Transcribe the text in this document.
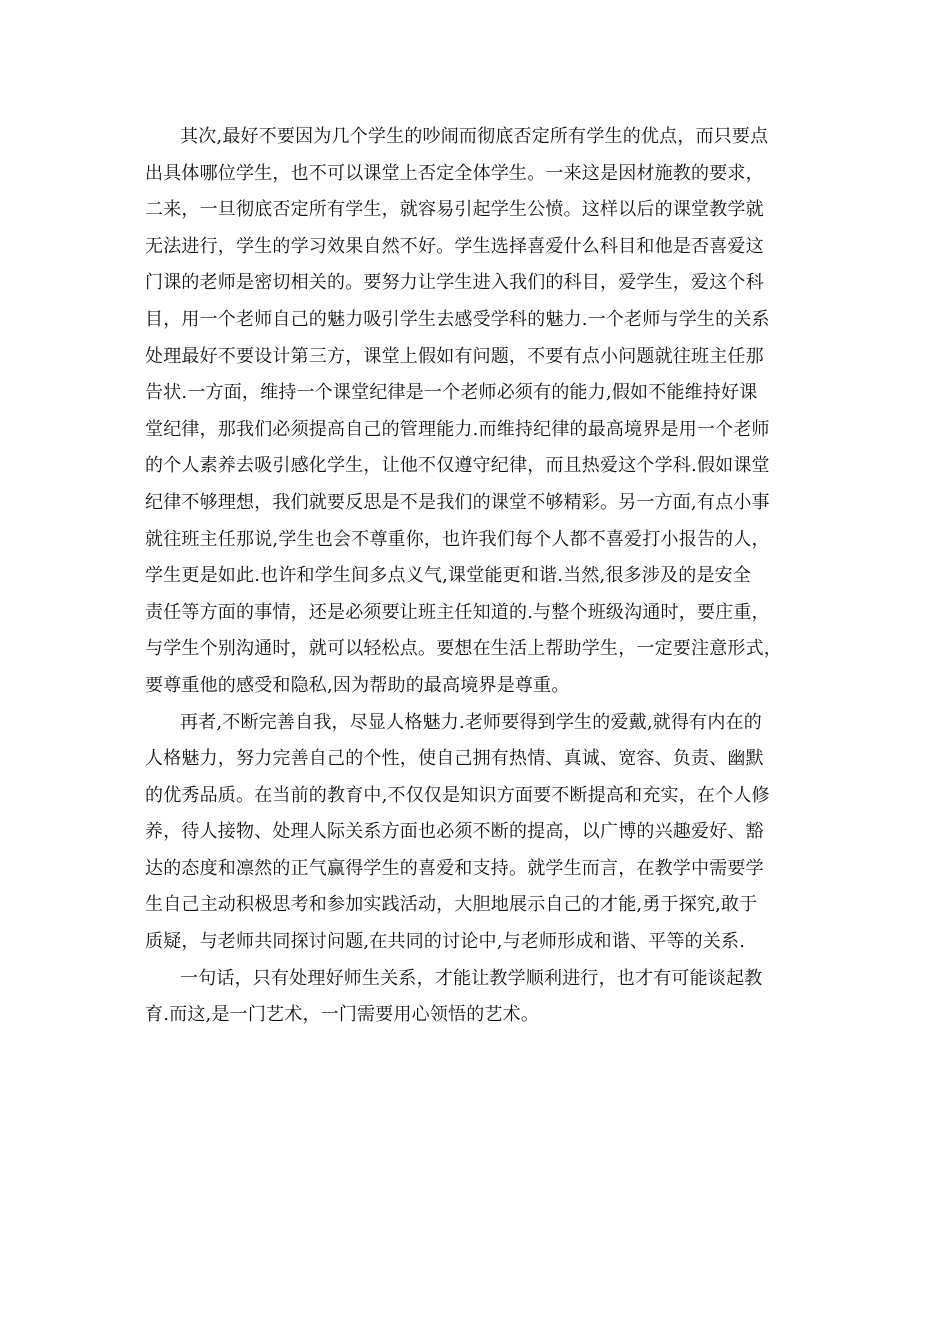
其次,最好不要因为几个学生的吵闹而彻底否定所有学生的优点，而只要点
出具体哪位学生，也不可以课堂上否定全体学生。一来这是因材施教的要求，
二来，一旦彻底否定所有学生，就容易引起学生公愤。这样以后的课堂教学就
无法进行，学生的学习效果自然不好。学生选择喜爱什么科目和他是否喜爱这
门课的老师是密切相关的。要努力让学生进入我们的科目，爱学生，爱这个科
目，用一个老师自己的魅力吸引学生去感受学科的魅力.一个老师与学生的关系
处理最好不要设计第三方，课堂上假如有问题，不要有点小问题就往班主任那
告状.一方面，维持一个课堂纪律是一个老师必须有的能力,假如不能维持好课
堂纪律，那我们必须提高自己的管理能力.而维持纪律的最高境界是用一个老师
的个人素养去吸引感化学生，让他不仅遵守纪律，而且热爱这个学科.假如课堂
纪律不够理想，我们就要反思是不是我们的课堂不够精彩。另一方面,有点小事
就往班主任那说,学生也会不尊重你，也许我们每个人都不喜爱打小报告的人，
学生更是如此.也许和学生间多点义气,课堂能更和谐.当然,很多涉及的是安全
责任等方面的事情，还是必须要让班主任知道的.与整个班级沟通时，要庄重，
与学生个别沟通时，就可以轻松点。要想在生活上帮助学生，一定要注意形式，
要尊重他的感受和隐私,因为帮助的最高境界是尊重。
再者,不断完善自我，尽显人格魅力.老师要得到学生的爱戴,就得有内在的
人格魅力，努力完善自己的个性，使自己拥有热情、真诚、宽容、负责、幽默
的优秀品质。在当前的教育中,不仅仅是知识方面要不断提高和充实，在个人修
养，待人接物、处理人际关系方面也必须不断的提高，以广博的兴趣爱好、豁
达的态度和凛然的正气赢得学生的喜爱和支持。就学生而言，在教学中需要学
生自己主动积极思考和参加实践活动，大胆地展示自己的才能,勇于探究,敢于
质疑，与老师共同探讨问题,在共同的讨论中,与老师形成和谐、平等的关系.
一句话，只有处理好师生关系，才能让教学顺利进行，也才有可能谈起教
育.而这,是一门艺术，一门需要用心领悟的艺术。
